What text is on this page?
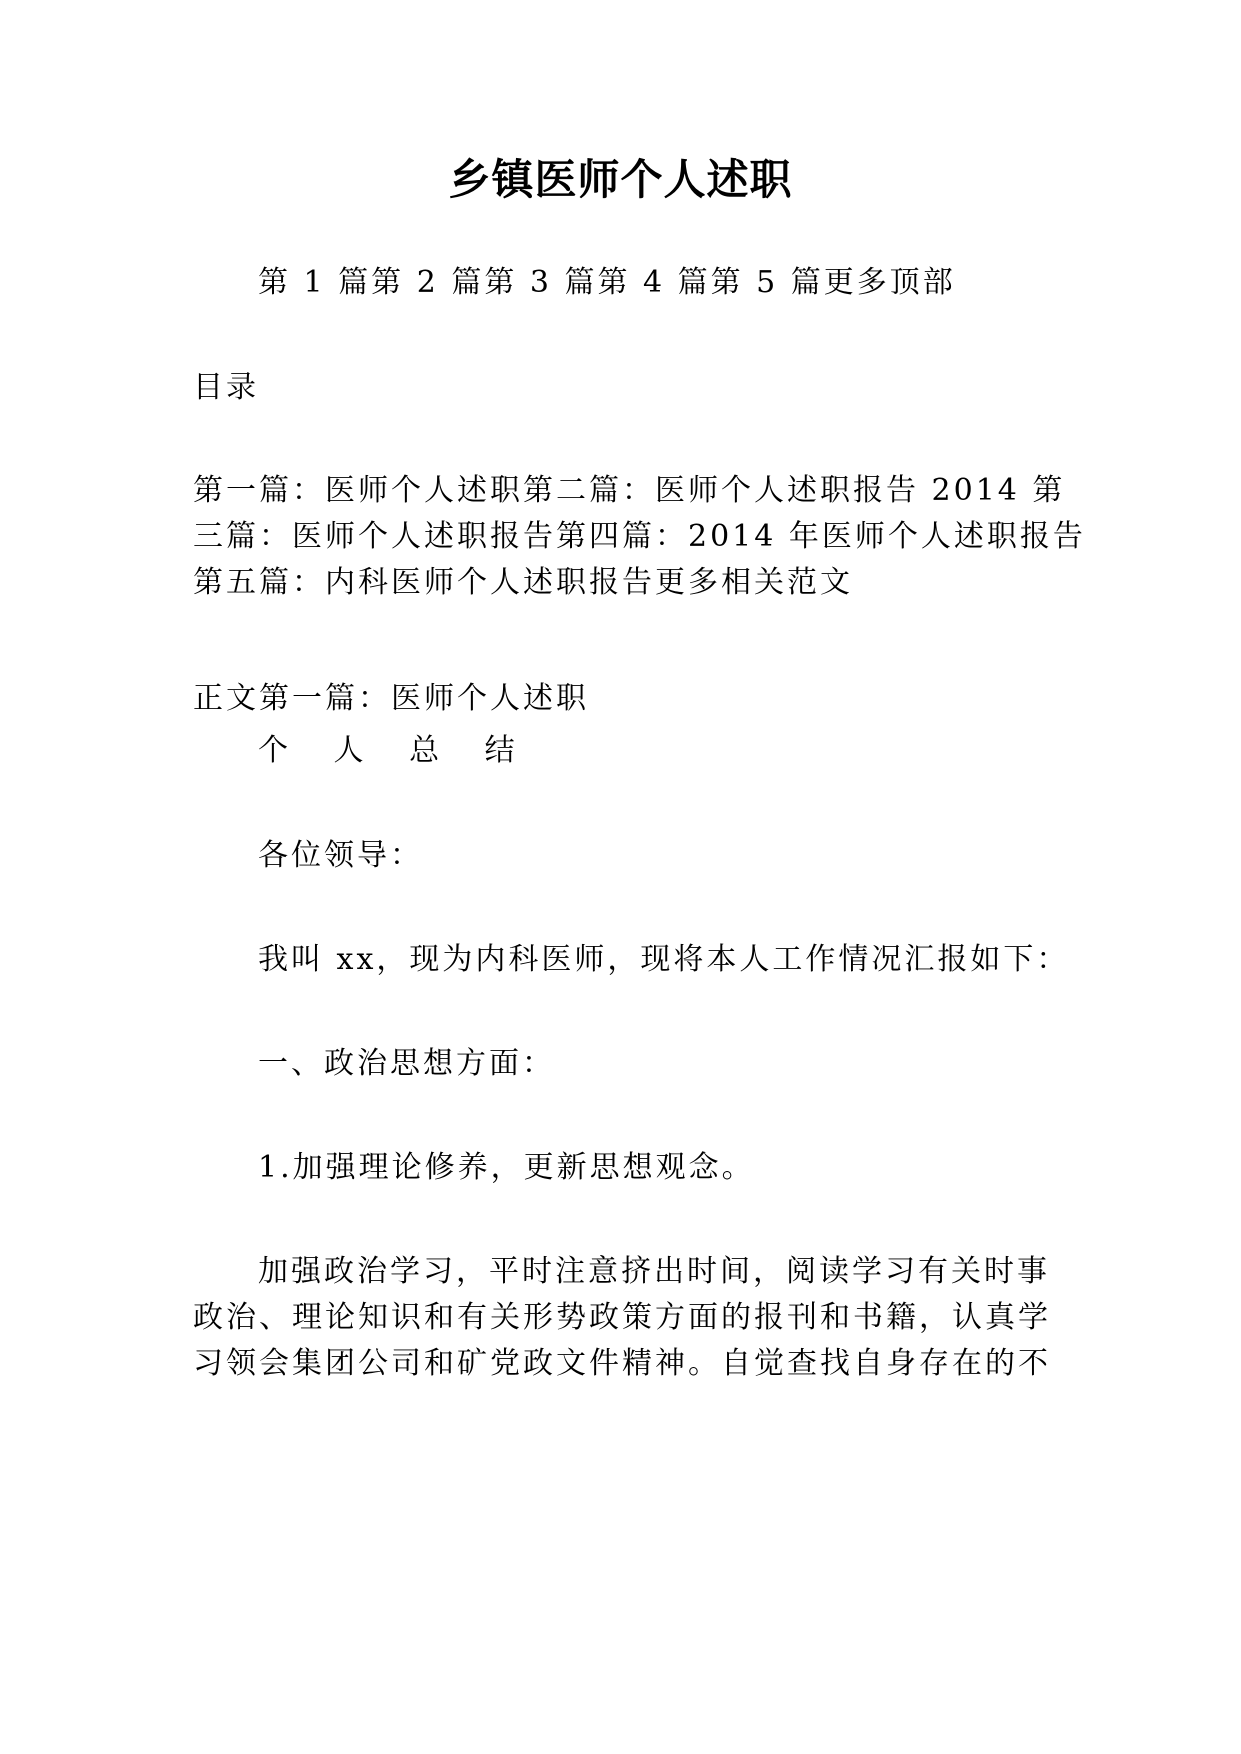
乡镇医师个人述职
第 1 篇第 2 篇第 3 篇第 4 篇第 5 篇更多顶部
目录
第一篇：医师个人述职第二篇：医师个人述职报告 2014 第
三篇：医师个人述职报告第四篇：2014 年医师个人述职报告
第五篇：内科医师个人述职报告更多相关范文
正文第一篇：医师个人述职
个 人 总 结
各位领导：
我叫 xx，现为内科医师，现将本人工作情况汇报如下：
一、政治思想方面：
1.加强理论修养，更新思想观念。
加强政治学习，平时注意挤出时间，阅读学习有关时事
政治、理论知识和有关形势政策方面的报刊和书籍，认真学
习领会集团公司和矿党政文件精神。自觉查找自身存在的不
